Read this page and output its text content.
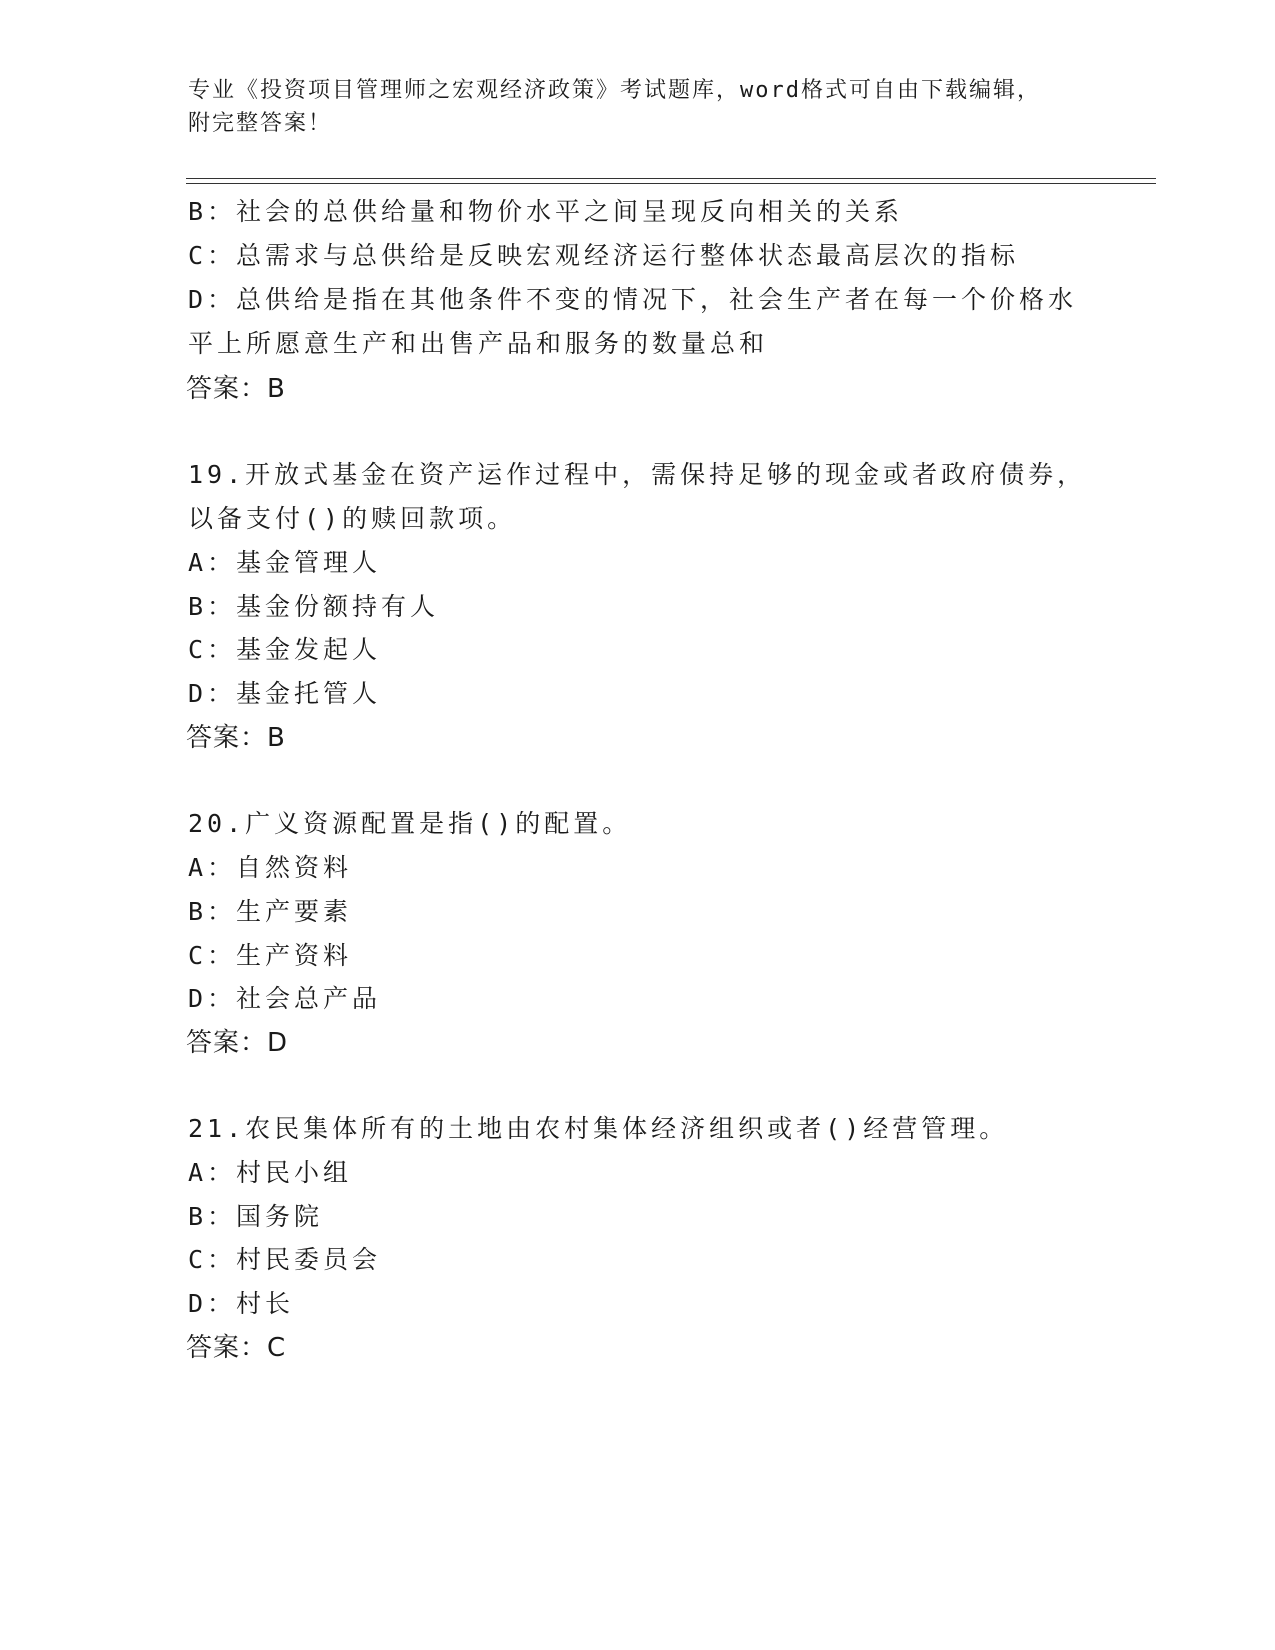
专业《投资项目管理师之宏观经济政策》考试题库，word格式可自由下载编辑，
附完整答案！
B：社会的总供给量和物价水平之间呈现反向相关的关系
C：总需求与总供给是反映宏观经济运行整体状态最高层次的指标
D：总供给是指在其他条件不变的情况下，社会生产者在每一个价格水
平上所愿意生产和出售产品和服务的数量总和
答案：B
19.开放式基金在资产运作过程中，需保持足够的现金或者政府债券，
以备支付()的赎回款项。
A：基金管理人
B：基金份额持有人
C：基金发起人
D：基金托管人
答案：B
20.广义资源配置是指()的配置。
A：自然资料
B：生产要素
C：生产资料
D：社会总产品
答案：D
21.农民集体所有的土地由农村集体经济组织或者()经营管理。
A：村民小组
B：国务院
C：村民委员会
D：村长
答案：C
